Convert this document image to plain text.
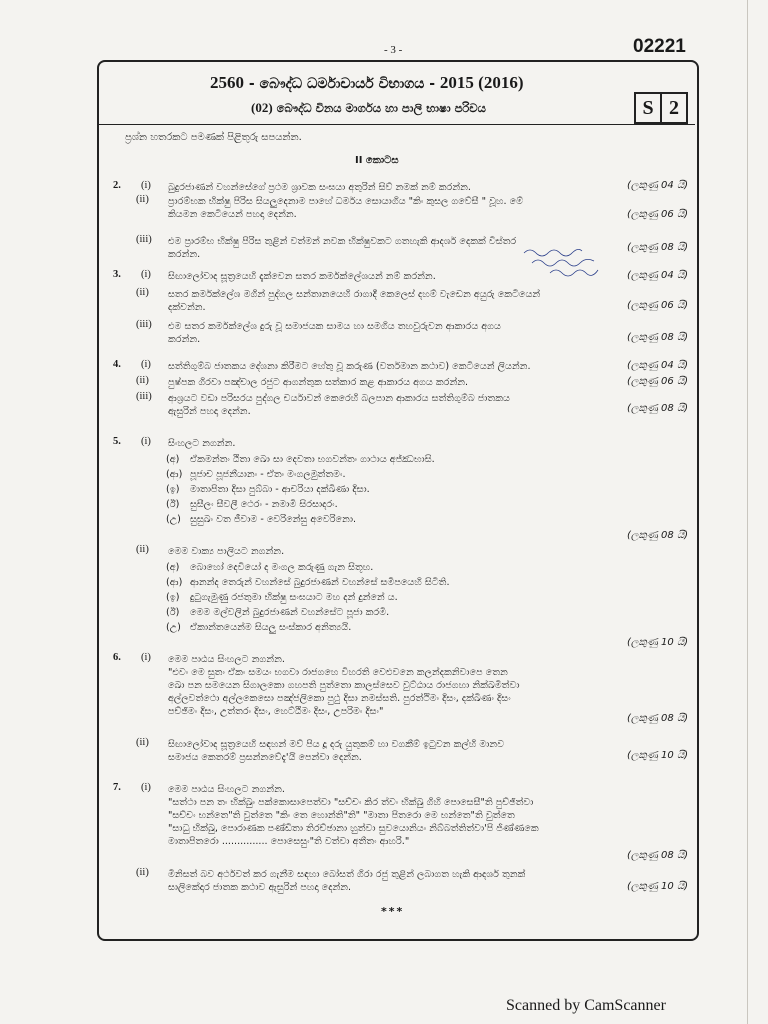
- 3 -	02221
2560 - බෞද්ධ ධර්මාචාර්ය විභාගය - 2015 (2016)
(02) බෞද්ධ විනය මාර්ගය හා පාලි භාෂා පරිචය	S 2
ප්‍රශ්න හතරකට පමණක් පිළිතුරු සපයන්න.
II කොටස
2. (i) බුදුරජාණන් වහන්සේගේ ප්‍රථම ශ්‍රාවක සංඝයා අතුරින් සිව් නමක් නම් කරන්න.	(ලකුණු 04 යි)
(ii) ප්‍රාරම්භක භික්ෂු පිරිස සියලුදෙනාම පාහේ ධර්මය සොයාගිය "කිං කුසල ගවේසී " වූහ. මේ
කියමන කෙටියෙන් පහදා දෙන්න.	(ලකුණු 06 යි)
(iii) එම ප්‍රාරම්භ භික්ෂු පිරිස තුළින් වත්මන් නවක භික්ෂුවකට ගතහැකි ආදර්ශ දෙකක් විස්තර
කරන්න.
(ලකුණු 08 යි)
3. (i) සිඟාලෝවාද සූත්‍රයෙහි දැක්වෙන සතර කර්මක්ලේශයන් නම් කරන්න.	(ලකුණු 04 යි)
(ii) සතර කර්මක්ලේශ මගින් පුද්ගල සන්තානයෙහි රාගාදී කෙලෙස් දහම් වැඩෙන අයුරු කෙටියෙන්
දක්වන්න.	(ලකුණු 06 යි)
(iii) එම සතර කර්මක්ලේශ දුරු වූ සමාජයක සාමය හා සමගිය තහවුරුවන ආකාරය අගය
කරන්න.	(ලකුණු 08 යි)
4. (i) සත්තිගුම්බ ජාතකය දේශනා කිරීමට හේතු වූ කරුණ (වර්තමාන කථාව) කෙටියෙන් ලියන්න.	(ලකුණු 04 යි)
(ii) පුෂ්පක ගිරවා පඤ්චාල රජුට ආගන්තුක සත්කාර කළ ආකාරය අගය කරන්න.	(ලකුණු 06 යි)
(iii) ආශ්‍රයට වඩා පරිසරය පුද්ගල චර්යාවන් කෙරෙහි බලපාන ආකාරය සත්තිගුම්බ ජාතකය
ඇසුරින් පහදා දෙන්න.	(ලකුණු 08 යි)
5. (i) සිංහලට නගන්න.
(අ) ඒකමන්තං ඨිතා ඛො සා දෙවතා භගවන්තං ගාථාය අජ්ඣභාසි.
(ආ) පූජාච පූජනීයානං - ඒතං මංගලමුත්තමං.
(ඉ) මාතාපිතා දිසා පුබ්බා - ආචරියා දක්ඛිණා දිසා.
(ඊ) සුසීලං සීවලී ථෙරං - නමාමි සිරසාදරං.
(උ) සුසුඛං වත ජීවාම - වෙරිනේසු අවෙරිනො.
(ලකුණු 08 යි)
(ii) මෙම වාක්‍ය පාලියට නගන්න.
(අ) බොහෝ දෙවියෝ ද මංගල කරුණු ගැන සිතූහ.
(ආ) ආනන්ද තෙරුන් වහන්සේ බුදුරජාණන් වහන්සේ සමීපයෙහි සිටිති.
(ඉ) දුටුගැමුණු රජතුමා භික්ෂු සංඝයාට මහ දන් දුන්නේ ය.
(ඊ) මෙම මල්වලින් බුදුරජාණන් වහන්සේට පූජා කරමි.
(උ) ඒකාන්තයෙන්ම සියලු සංස්කාර අනිත්‍යයි.
(ලකුණු 10 යි)
6. (i) මෙම පාඨය සිංහලට නගන්න.
"එවං මෙ සුතං ඒකං සමයං භගවා රාජගහෙ විහරති වෙළුවනෙ කලන්දකනිවාපෙ තෙන
ඛො පන සමයෙන සිගාලකො ගහපති පුත්තො කාලස්සෙව වුට්ඨාය රාජගහා නික්ඛමිත්වා
අල්ලවත්ථො අල්ලකෙසො පඤ්ජලිකො පුථු දිසා නමස්සති. පුරත්ථිමං දිසං, දක්ඛිණං දිසං
පච්ඡිමං දිසං, උත්තරං දිසං, හෙට්ඨිමං දිසං, උපරිමං දිසං"
(ලකුණු 08 යි)
(ii) සිඟාලෝවාද සූත්‍රයෙහි සඳහන් මව් පිය දූ දරු යුතුකම් හා වගකීම් ඉටුවන කල්හි මානව
සමාජය කෙතරම් ප්‍රසන්නවේදැ'යි පෙන්වා දෙන්න.	(ලකුණු 10 යි)
7. (i) මෙම පාඨය සිංහලට නගන්න.
"සත්ථා පන තං භික්ඛුං පක්කොසාපෙත්වා "සච්චං කිර ත්වං භික්ඛු ගිහි පොසෙසී"ති පුච්ඡිත්වා
"සච්චං භන්තෙ"ති වුත්තෙ "කිං තෙ හොන්ති"ති" "මාතා පිතරො මෙ භන්තෙ"ති වුත්තෙ
"සාධු භික්ඛු, පොරාණක පණ්ඩිතා තිරච්ඡානා හුත්වා සුවයොනියං නිබ්බත්තිත්වා'පි ජිණ්ණකෙ
මාතාපිතරො ............... පොසෙසුං"ති වත්වා අතීතං ආහරි."
(ලකුණු 08 යි)
(ii) මිනිසත් බව අර්ථවත් කර ගැනීම සඳහා බෝසත් ගිරා රජු තුළින් ලබාගත හැකි ආදර්ශ තුනක්
සාලිකේදාර ජාතක කථාව ඇසුරින් පහදා දෙන්න.	(ලකුණු 10 යි)
***
Scanned by CamScanner
